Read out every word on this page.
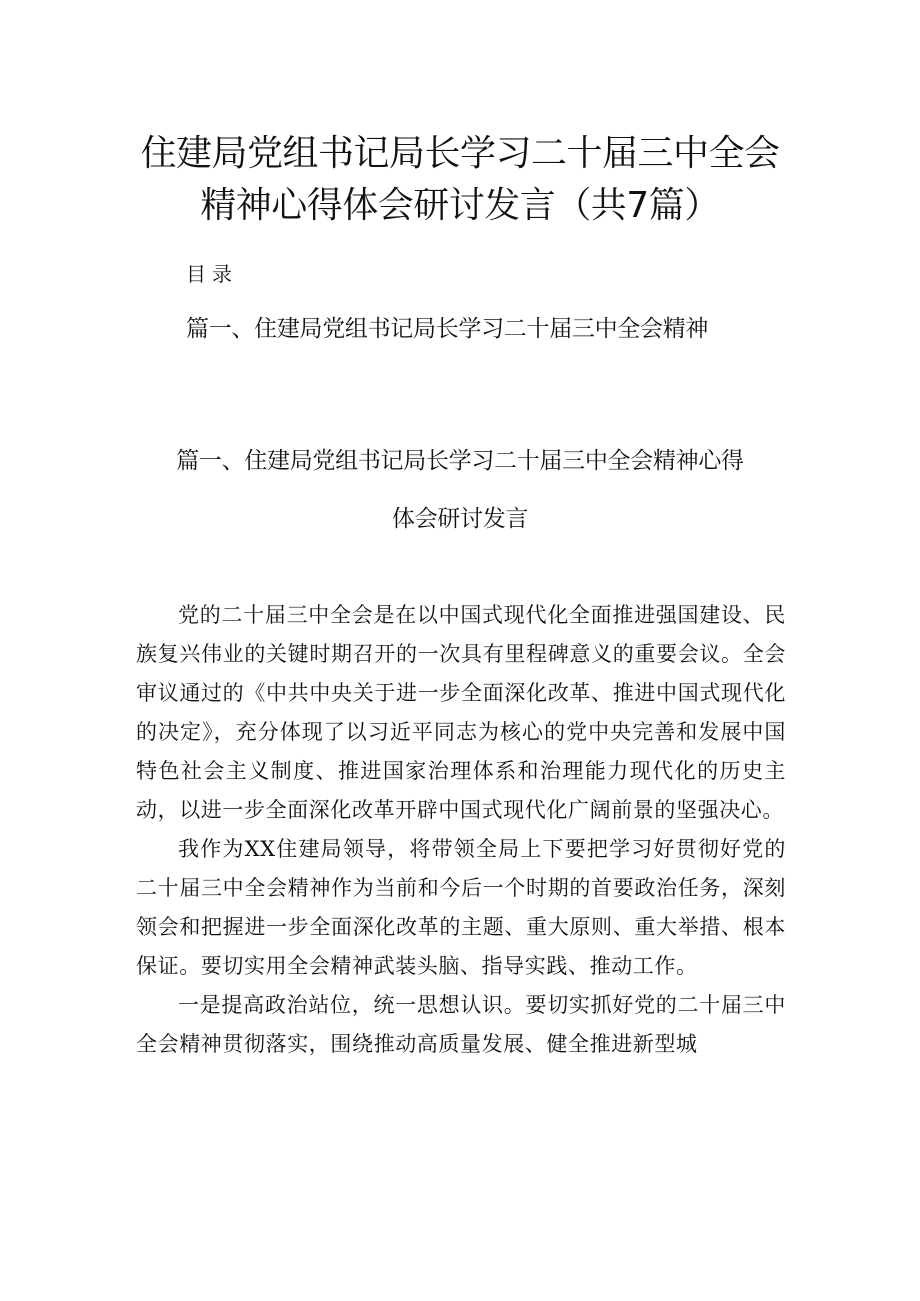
住建局党组书记局长学习二十届三中全会
精神心得体会研讨发言（共7篇）
目录
篇一、住建局党组书记局长学习二十届三中全会精神
篇一、住建局党组书记局长学习二十届三中全会精神心得
体会研讨发言

党的二十届三中全会是在以中国式现代化全面推进强国建设、民族复兴伟业的关键时期召开的一次具有里程碑意义的重要会议。全会审议通过的《中共中央关于进一步全面深化改革、推进中国式现代化的决定》，充分体现了以习近平同志为核心的党中央完善和发展中国特色社会主义制度、推进国家治理体系和治理能力现代化的历史主动，以进一步全面深化改革开辟中国式现代化广阔前景的坚强决心。

我作为XX住建局领导，将带领全局上下要把学习好贯彻好党的二十届三中全会精神作为当前和今后一个时期的首要政治任务，深刻领会和把握进一步全面深化改革的主题、重大原则、重大举措、根本保证。要切实用全会精神武装头脑、指导实践、推动工作。

一是提高政治站位，统一思想认识。要切实抓好党的二十届三中全会精神贯彻落实，围绕推动高质量发展、健全推进新型城
